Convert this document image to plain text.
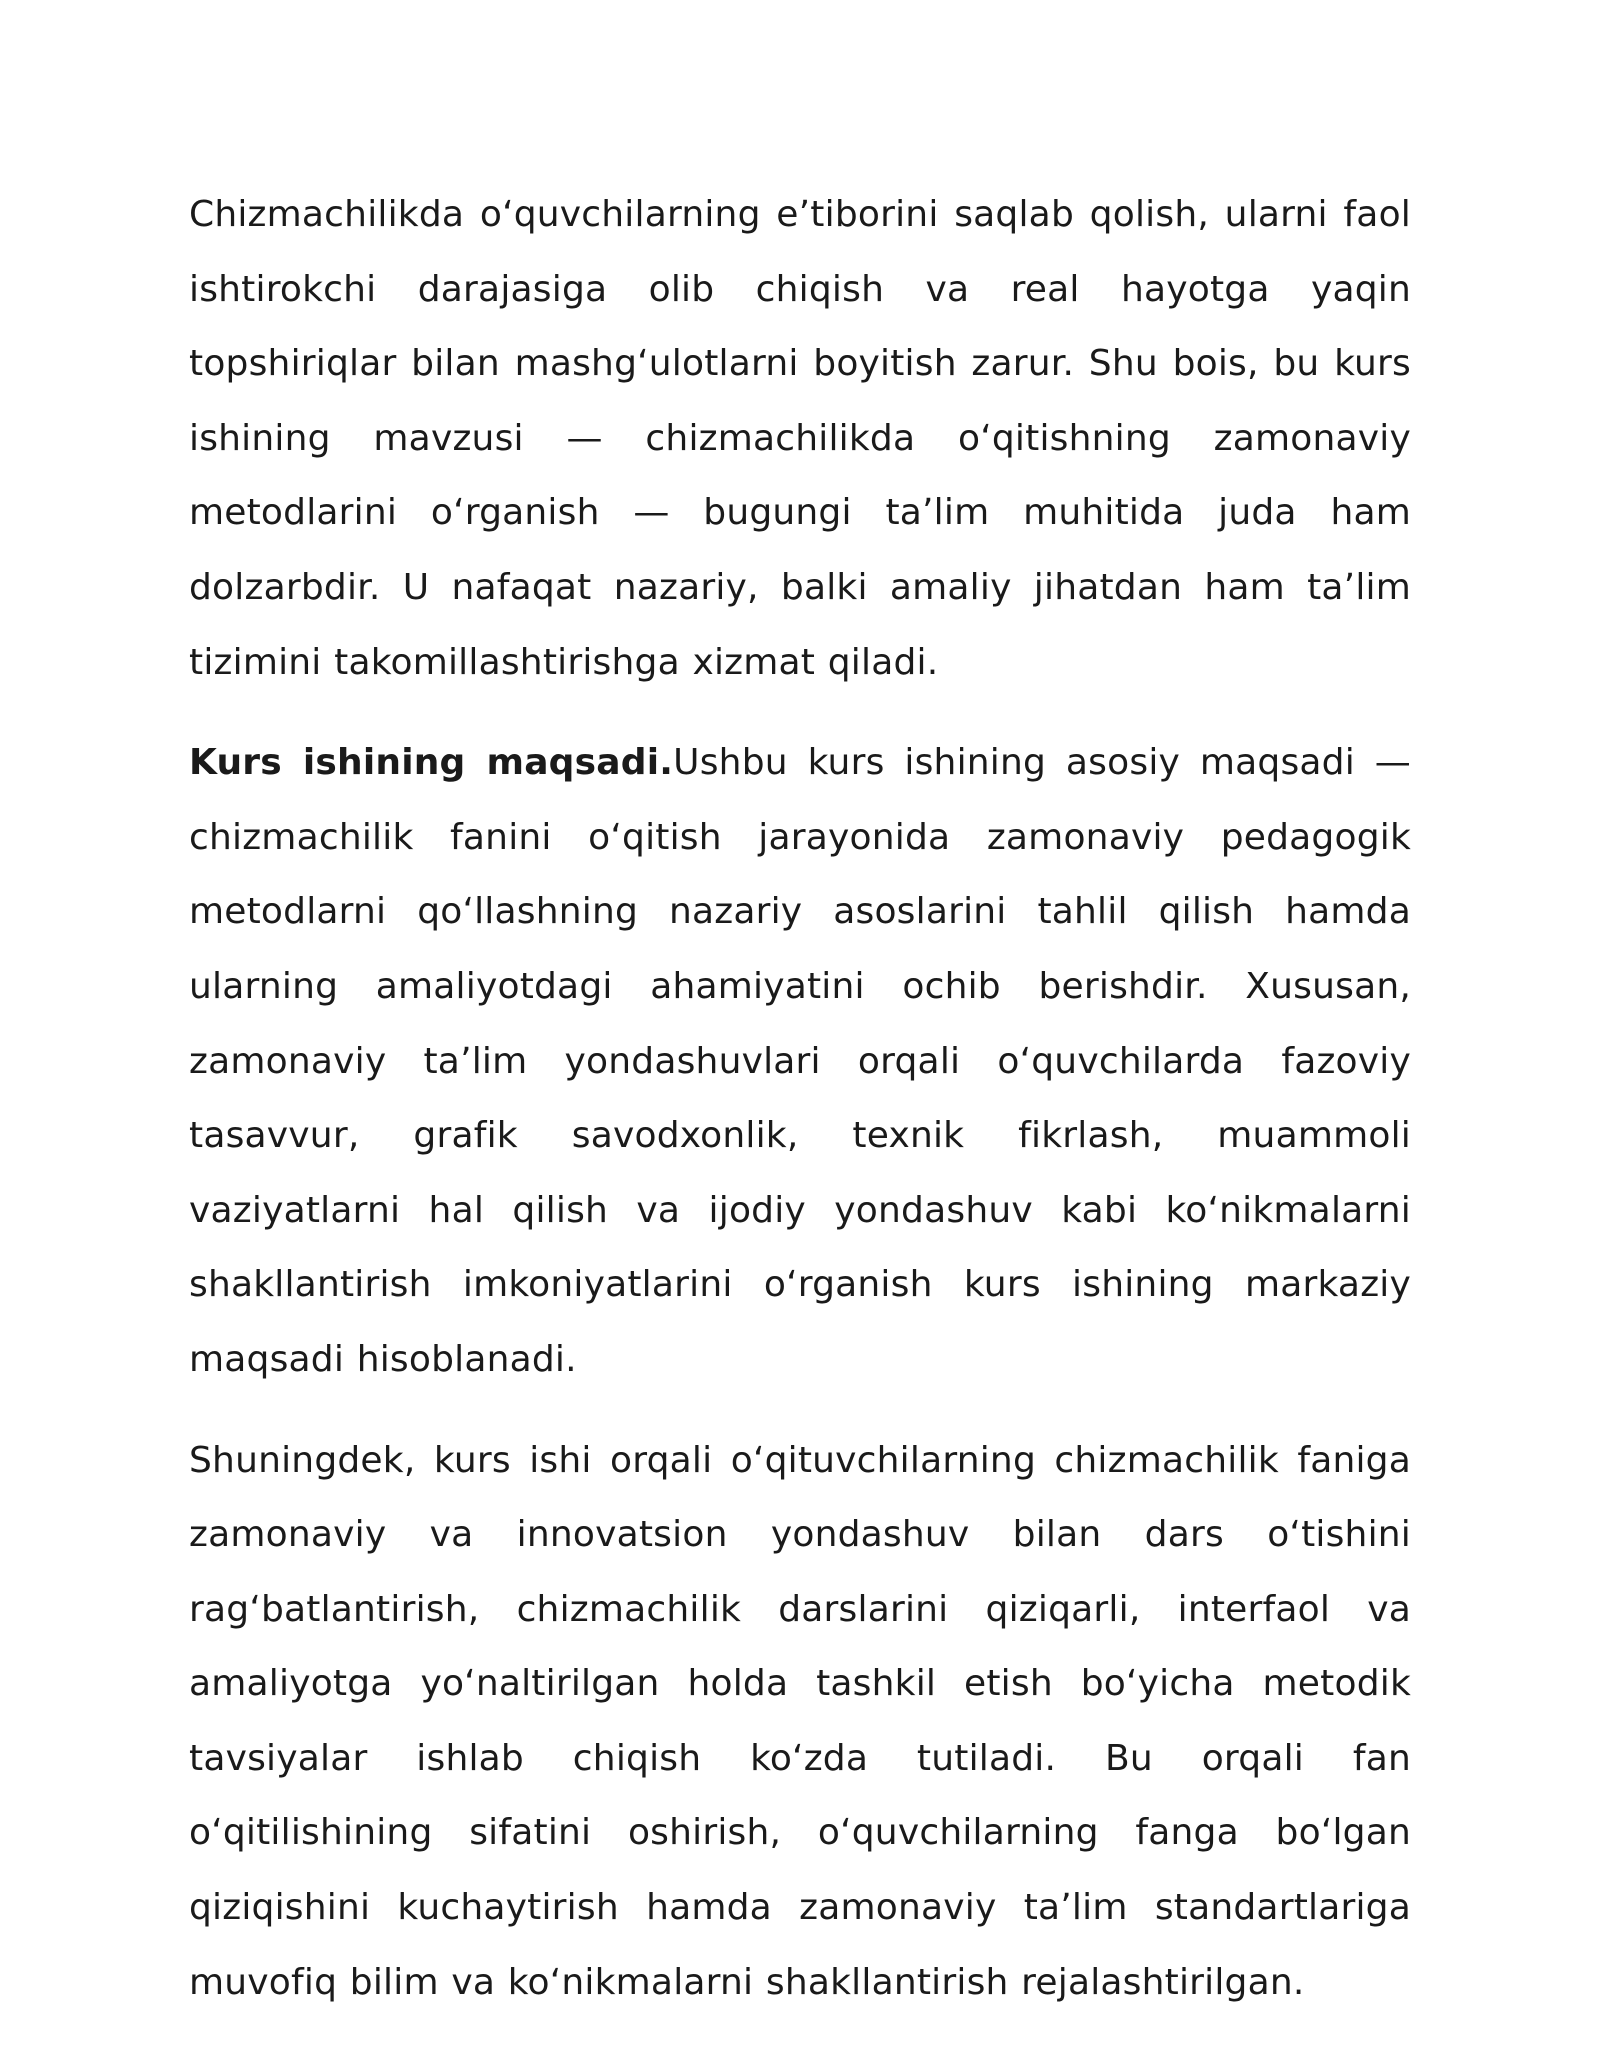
Chizmachilikda oʻquvchilarning e’tiborini saqlab qolish, ularni faol ishtirokchi darajasiga olib chiqish va real hayotga yaqin topshiriqlar bilan mashgʻulotlarni boyitish zarur. Shu bois, bu kurs ishining mavzusi — chizmachilikda oʻqitishning zamonaviy metodlarini oʻrganish — bugungi ta’lim muhitida juda ham dolzarbdir. U nafaqat nazariy, balki amaliy jihatdan ham ta’lim tizimini takomillashtirishga xizmat qiladi.

Kurs ishining maqsadi.Ushbu kurs ishining asosiy maqsadi — chizmachilik fanini oʻqitish jarayonida zamonaviy pedagogik metodlarni qoʻllashning nazariy asoslarini tahlil qilish hamda ularning amaliyotdagi ahamiyatini ochib berishdir. Xususan, zamonaviy ta’lim yondashuvlari orqali oʻquvchilarda fazoviy tasavvur, grafik savodxonlik, texnik fikrlash, muammoli vaziyatlarni hal qilish va ijodiy yondashuv kabi koʻnikmalarni shakllantirish imkoniyatlarini oʻrganish kurs ishining markaziy maqsadi hisoblanadi.

Shuningdek, kurs ishi orqali oʻqituvchilarning chizmachilik faniga zamonaviy va innovatsion yondashuv bilan dars oʻtishini ragʻbatlantirish, chizmachilik darslarini qiziqarli, interfaol va amaliyotga yoʻnaltirilgan holda tashkil etish boʻyicha metodik tavsiyalar ishlab chiqish koʻzda tutiladi. Bu orqali fan oʻqitilishining sifatini oshirish, oʻquvchilarning fanga boʻlgan qiziqishini kuchaytirish hamda zamonaviy ta’lim standartlariga muvofiq bilim va koʻnikmalarni shakllantirish rejalashtirilgan.
